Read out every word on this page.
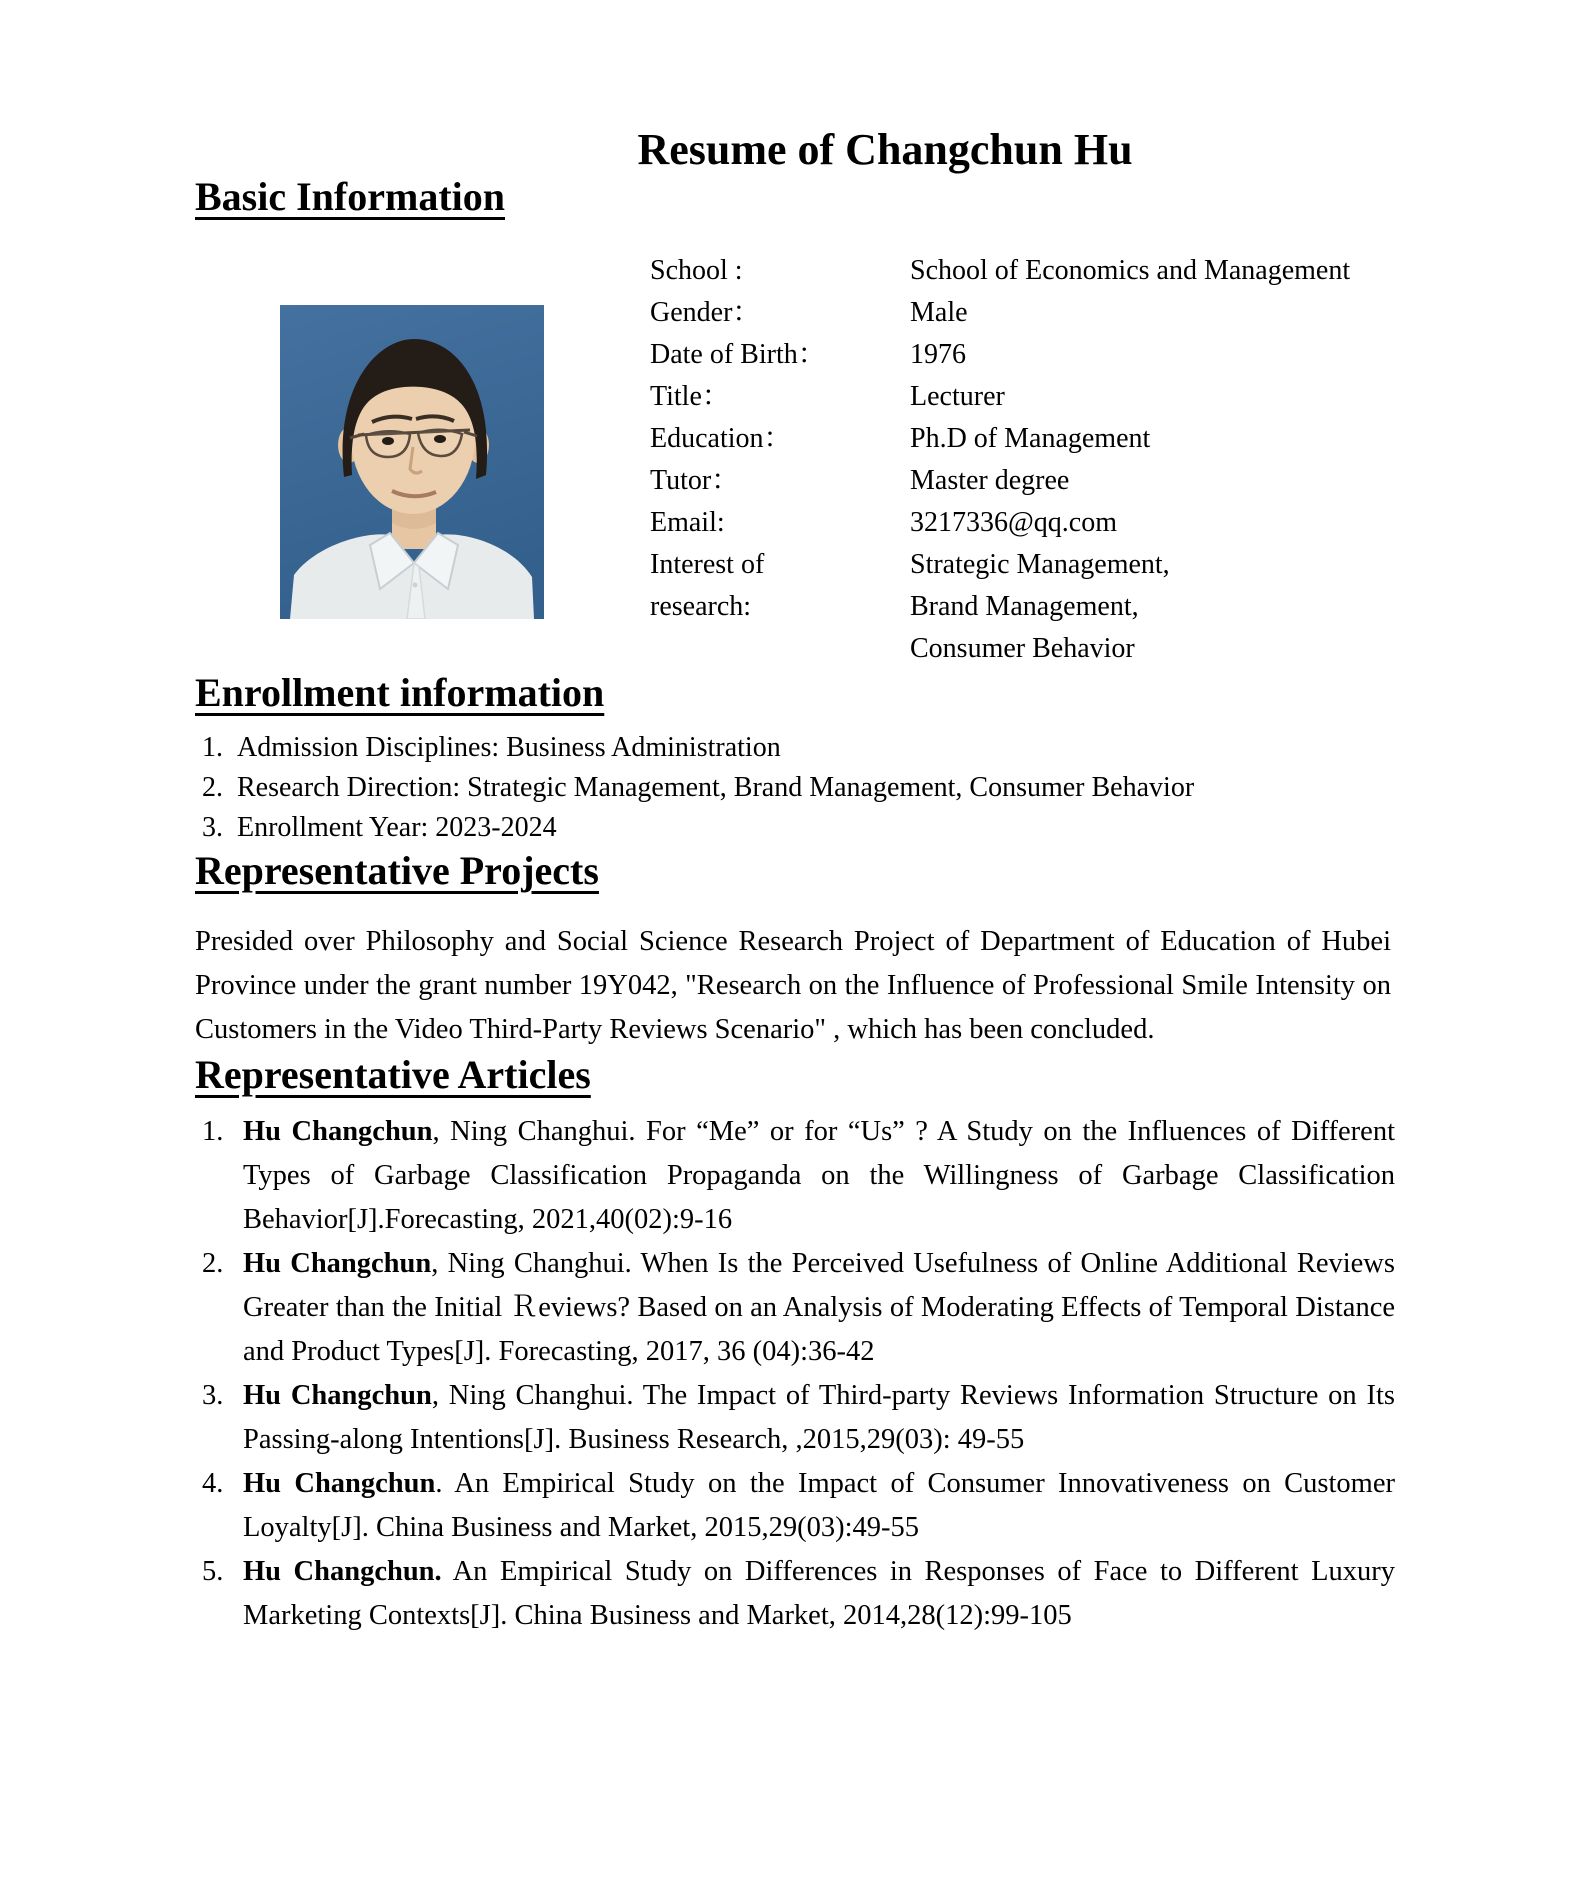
Resume of Changchun Hu
Basic Information
School :	School of Economics and Management
Gender：	Male
Date of Birth：	1976
Title：	Lecturer
Education：	Ph.D of Management
Tutor：	Master degree
Email:	3217336@qq.com
Interest of
research:
Strategic Management,
Brand Management,
Consumer Behavior
Enrollment information
1. Admission Disciplines: Business Administration
2. Research Direction: Strategic Management, Brand Management, Consumer Behavior
3. Enrollment Year: 2023-2024
Representative Projects

Presided over Philosophy and Social Science Research Project of Department of Education of Hubei Province under the grant number 19Y042, "Research on the Influence of Professional Smile Intensity on Customers in the Video Third-Party Reviews Scenario" , which has been concluded.

Representative Articles
1. Hu Changchun, Ning Changhui. For “Me” or for “Us” ? A Study on the Influences of Different Types of Garbage Classification Propaganda on the Willingness of Garbage Classification Behavior[J].Forecasting, 2021,40(02):9-16
2. Hu Changchun, Ning Changhui. When Is the Perceived Usefulness of Online Additional Reviews Greater than the Initial Ｒeviews? Based on an Analysis of Moderating Effects of Temporal Distance and Product Types[J]. Forecasting, 2017, 36 (04):36-42
3. Hu Changchun, Ning Changhui. The Impact of Third-party Reviews Information Structure on Its Passing-along Intentions[J]. Business Research, ,2015,29(03): 49-55
4. Hu Changchun. An Empirical Study on the Impact of Consumer Innovativeness on Customer Loyalty[J]. China Business and Market, 2015,29(03):49-55
5. Hu Changchun. An Empirical Study on Differences in Responses of Face to Different Luxury Marketing Contexts[J]. China Business and Market, 2014,28(12):99-105
